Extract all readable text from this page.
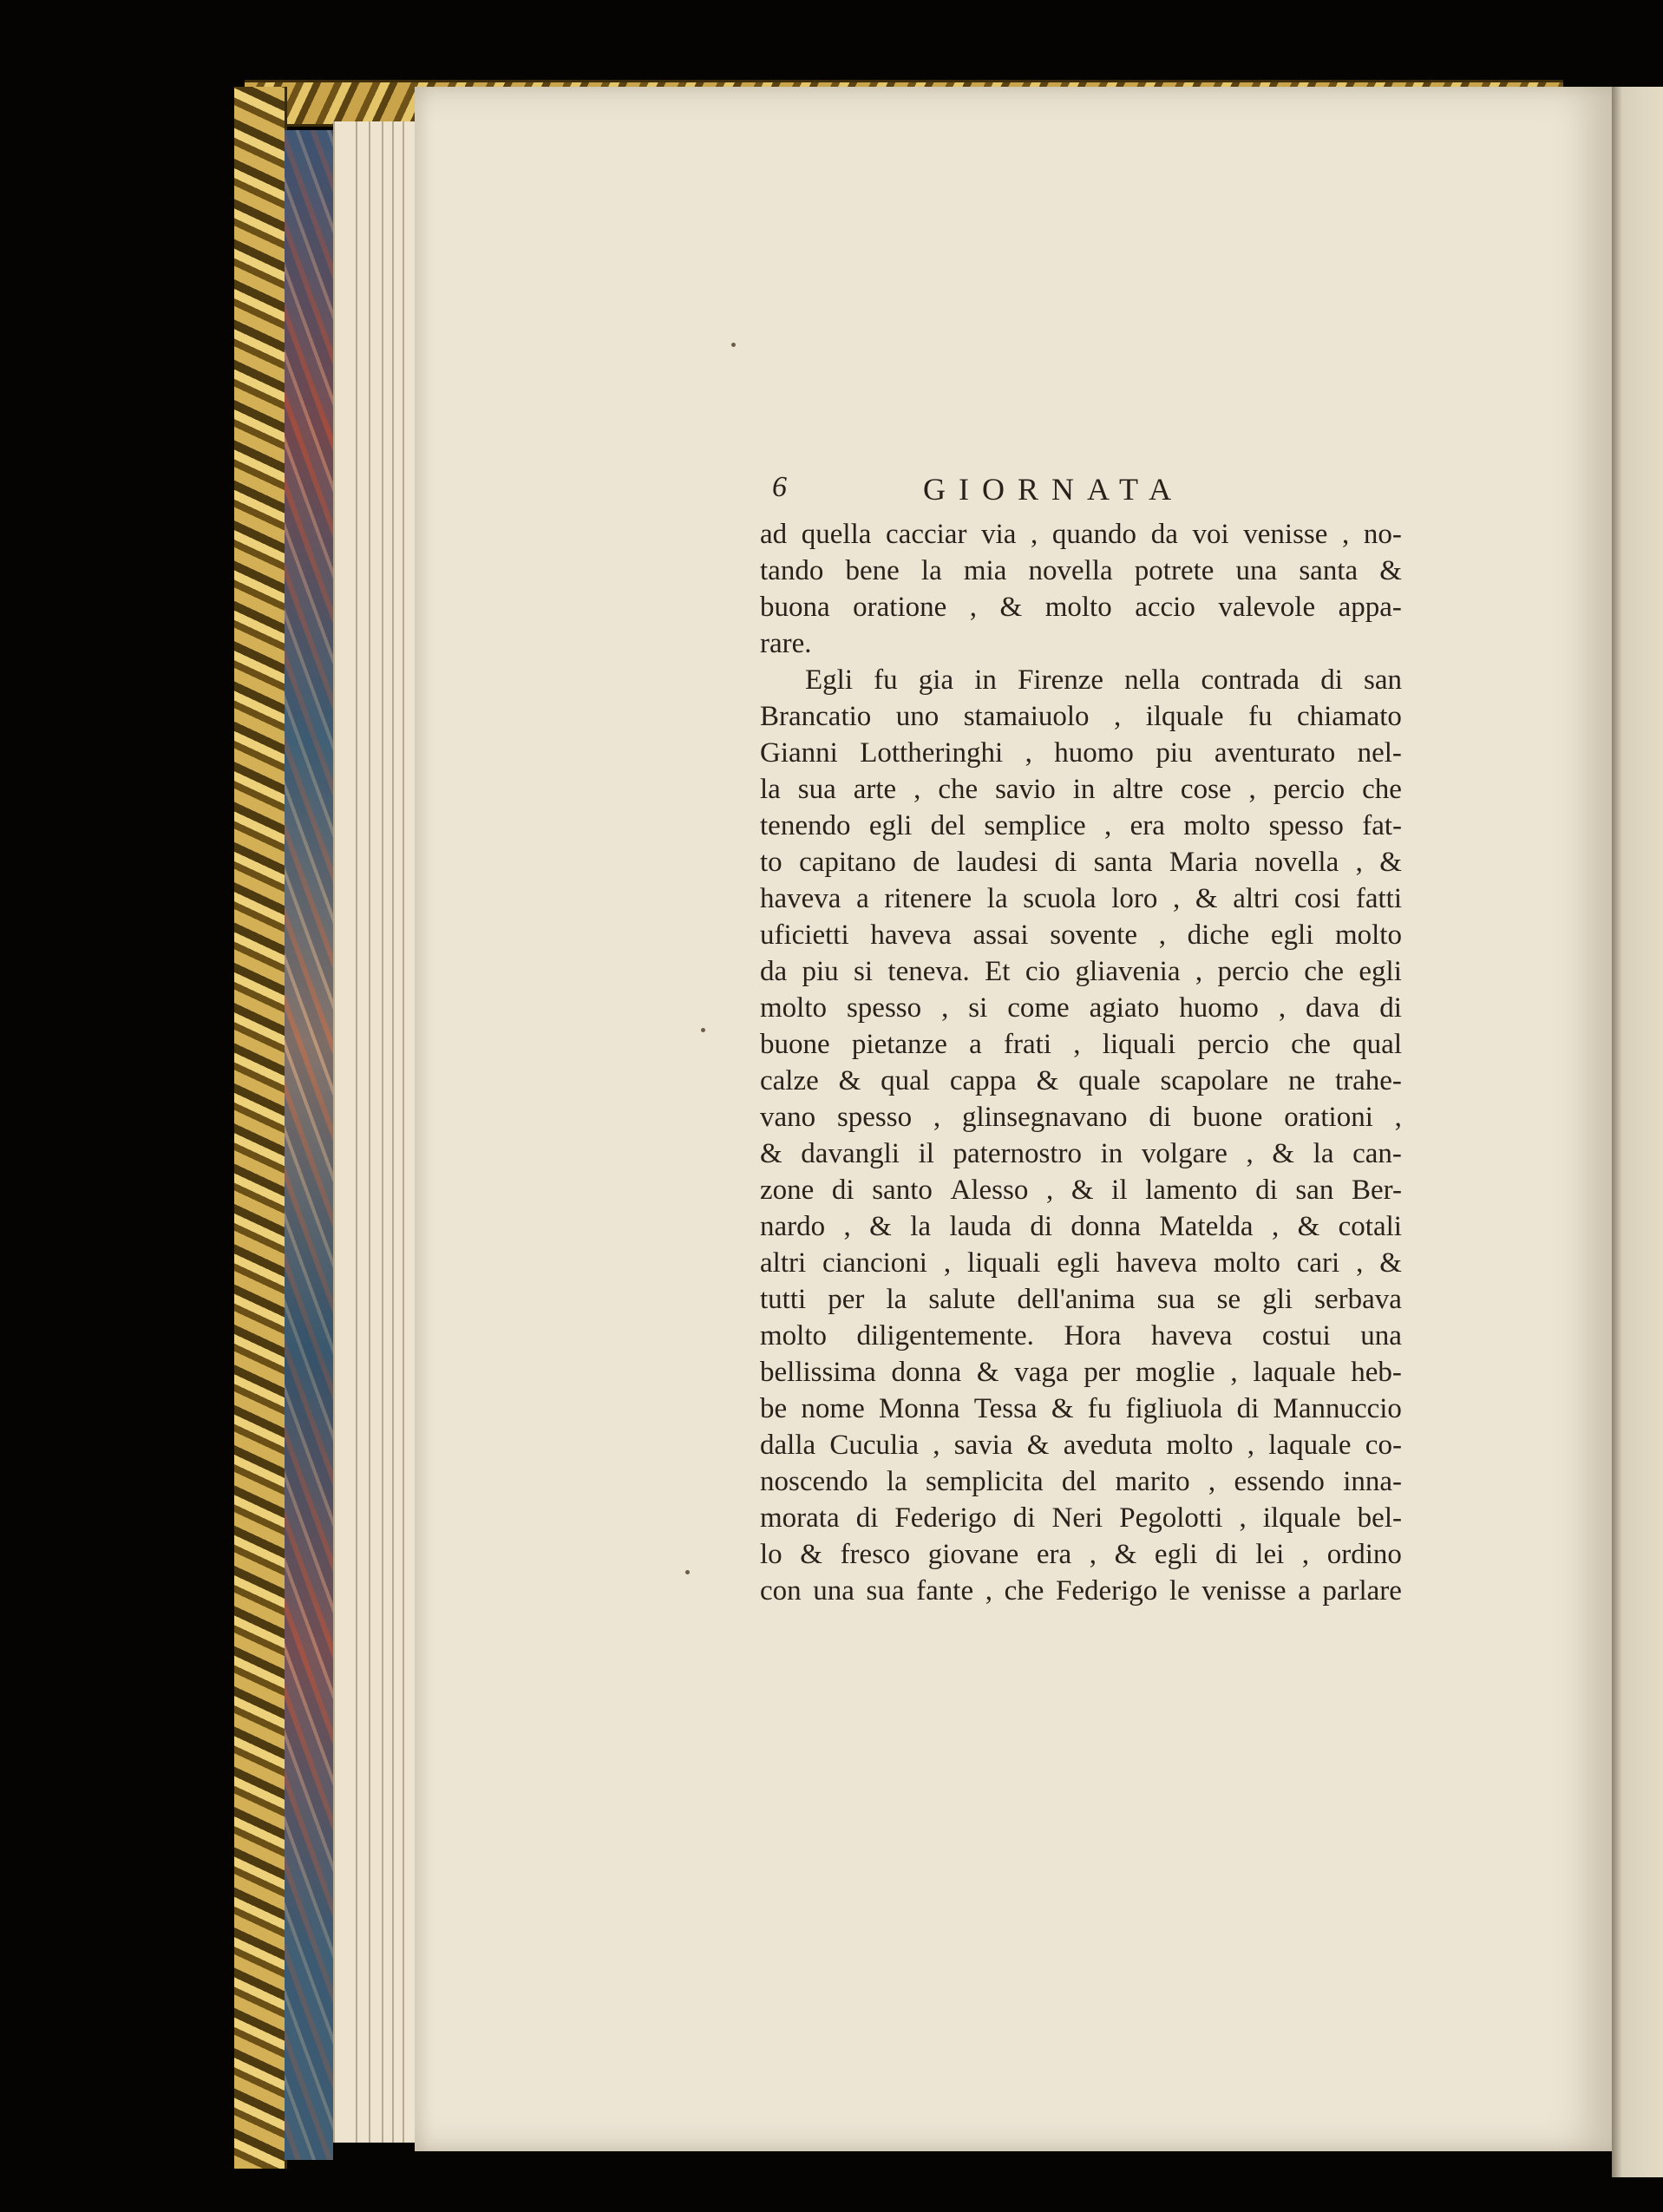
6	GIORNATA
ad quella cacciar via , quando da voi venisse , no-
tando bene la mia novella potrete una santa &
buona oratione , & molto accio valevole appa-
rare.
Egli fu gia in Firenze nella contrada di san
Brancatio uno stamaiuolo , ilquale fu chiamato
Gianni Lottheringhi , huomo piu aventurato nel-
la sua arte , che savio in altre cose , percio che
tenendo egli del semplice , era molto spesso fat-
to capitano de laudesi di santa Maria novella , &
haveva a ritenere la scuola loro , & altri cosi fatti
uficietti haveva assai sovente , diche egli molto
da piu si teneva. Et cio gliavenia , percio che egli
molto spesso , si come agiato huomo , dava di
buone pietanze a frati , liquali percio che qual
calze & qual cappa & quale scapolare ne trahe-
vano spesso , glinsegnavano di buone orationi ,
& davangli il paternostro in volgare , & la can-
zone di santo Alesso , & il lamento di san Ber-
nardo , & la lauda di donna Matelda , & cotali
altri ciancioni , liquali egli haveva molto cari , &
tutti per la salute dell'anima sua se gli serbava
molto diligentemente. Hora haveva costui una
bellissima donna & vaga per moglie , laquale heb-
be nome Monna Tessa & fu figliuola di Mannuccio
dalla Cuculia , savia & aveduta molto , laquale co-
noscendo la semplicita del marito , essendo inna-
morata di Federigo di Neri Pegolotti , ilquale bel-
lo & fresco giovane era , & egli di lei , ordino
con una sua fante , che Federigo le venisse a parlare
